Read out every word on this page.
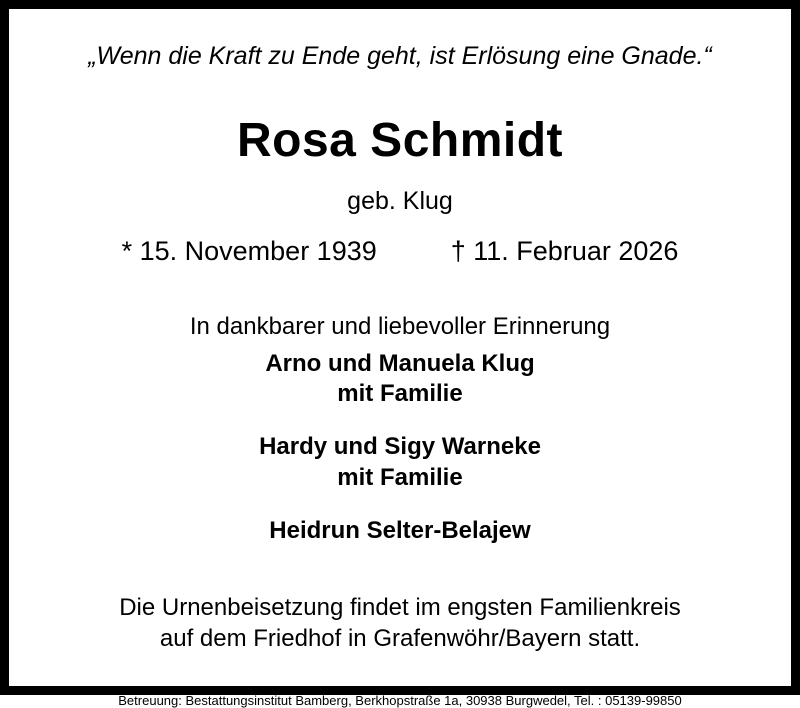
„Wenn die Kraft zu Ende geht, ist Erlösung eine Gnade.“
Rosa Schmidt
geb. Klug
* 15. November 1939	† 11. Februar 2026
In dankbarer und liebevoller Erinnerung
Arno und Manuela Klug
mit Familie
Hardy und Sigy Warneke
mit Familie
Heidrun Selter-Belajew
Die Urnenbeisetzung findet im engsten Familienkreis
auf dem Friedhof in Grafenwöhr/Bayern statt.
Betreuung: Bestattungsinstitut Bamberg, Berkhopstraße 1a, 30938 Burgwedel, Tel. : 05139-99850
